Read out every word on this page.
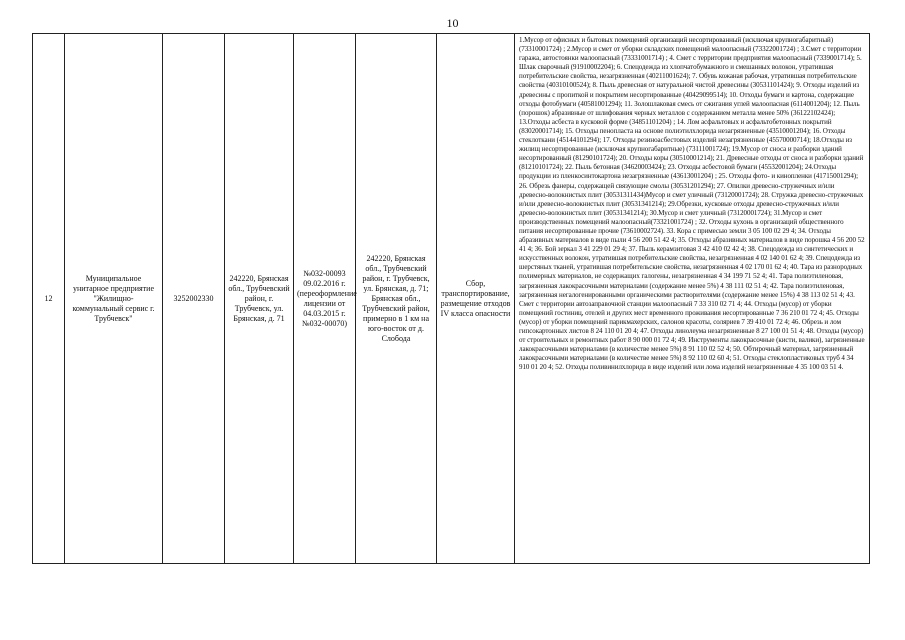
10
12	Муниципальное унитарное предприятие "Жилищно-коммунальный сервис г. Трубчевск"	3252002330	242220, Брянская обл., Трубчевский район, г. Трубчевск, ул. Брянская, д. 71	№032-00093 09.02.2016 г. (переоформление лицензии от 04.03.2015 г. №032-00070)	242220, Брянская обл., Трубчевский район, г. Трубчевск, ул. Брянская, д. 71; Брянская обл., Трубчевский район, примерно в 1 км на юго-восток от д. Слобода	Сбор, транспортирование, размещение отходов IV класса опасности	1.Мусор от офисных и бытовых помещений организаций несортированный (исключая крупногабаритный) (73310001724) ; 2.Мусор и смет от уборки складских помещений малоопасный (73322001724) ; 3.Смет с территории гаража, автостоянки малоопасный (73331001714) ; 4. Смет с территории предприятия малоопасный (7339001714); 5. Шлак сварочный (91910002204); 6. Спецодежда из хлопчатобумажного и смешанных волокон, утратившая потребительские свойства, незагрязненная (40211001624); 7. Обувь кожаная рабочая, утратившая потребительские свойства (40310100524); 8. Пыль древесная от натуральной чистой древесины (30531101424); 9. Отходы изделий из древесины с пропиткой и покрытием несортированные (40429099514); 10. Отходы бумаги и картона, содержащие отходы фотобумаги (40581001294); 11. Золошлаковая смесь от сжигания углей малоопасная (6114001204); 12. Пыль (порошок) абразивные от шлифования черных металлов с содержанием металла менее 50% (36122102424); 13.Отходы асбеста в кусковой форме (34851101204) ; 14. Лом асфальтовых и асфальтобетонных покрытий (83020001714); 15. Отходы пенопласта на основе полиэтилхлорида незагрязненные (43510001204); 16. Отходы стеклоткани (45144101294); 17. Отходы резиноасбестовых изделий незагрязненные (45570000714); 18.Отходы из жилищ несортированные (исключая крупногабаритные) (73111001724); 19.Мусор от сноса и разборки зданий несортированный (81290101724); 20. Отходы коры (30510001214); 21. Древесные отходы от сноса и разборки зданий (81210101724); 22. Пыль бетонная (34620003424); 23. Отходы асбестовой бумаги (45532001204); 24.Отходы продукции из пленкосинтокартона незагрязненные (43613001204) ; 25. Отходы фото- и кинопленки (41715001294); 26. Обрезь фанеры, содержащей связующие смолы (30531201294); 27. Опилки древесно-стружечных и/или древесно-волокнистых плит (30531311434)Мусор и смет уличный (73120001724); 28. Стружка древесно-стружечных и/или древесно-волокнистых плит (30531341214); 29.Обрезки, кусковые отходы древесно-стружечных и/или древесно-волокнистых плит (30531341214); 30.Мусор и смет уличный (73120001724); 31.Мусор и смет производственных помещений малоопасный(73321001724) ; 32. Отходы кухонь в организаций общественного питания несортированные прочие (73610002724). 33. Кора с примесью земли 3 05 100 02 29 4; 34. Отходы абразивных материалов в виде пыли 4 56 200 51 42 4; 35. Отходы абразивных материалов в виде порошка 4 56 200 52 41 4; 36. Бой зеркал 3 41 229 01 29 4; 37. Пыль керамзитовая 3 42 410 02 42 4; 38. Спецодежда из синтетических и искусственных волокон, утратившая потребительские свойства, незагрязненная 4 02 140 01 62 4; 39. Спецодежда из шерстяных тканей, утратившая потребительские свойства, незагрязненная 4 02 170 01 62 4; 40. Тара из разнородных полимерных материалов, не содержащих галогены, незагрязненная 4 34 199 71 52 4; 41. Тара полиэтиленовая, загрязненная лакокрасочными материалами (содержание менее 5%) 4 38 111 02 51 4; 42. Тара полиэтиленовая, загрязненная негалогенированными органическими растворителями (содержание менее 15%) 4 38 113 02 51 4; 43. Смет с территории автозаправочной станции малоопасный 7 33 310 02 71 4; 44. Отходы (мусор) от уборки помещений гостиниц, отелей и других мест временного проживания несортированные 7 36 210 01 72 4; 45. Отходы (мусор) от уборки помещений парикмахерских, салонов красоты, соляриев 7 39 410 01 72 4; 46. Обрезь и лом гипсокартонных листов 8 24 110 01 20 4; 47. Отходы линолеума незагрязненные 8 27 100 01 51 4; 48. Отходы (мусор) от строительных и ремонтных работ 8 90 000 01 72 4; 49. Инструменты лакокрасочные (кисти, валики), загрязненные лакокрасочными материалами (в количестве менее 5%) 8 91 110 02 52 4; 50. Обтирочный материал, загрязненный лакокрасочными материалами (в количестве менее 5%) 8 92 110 02 60 4; 51. Отходы стеклопластиковых труб 4 34 910 01 20 4; 52. Отходы поливинилхлорида в виде изделий или лома изделий незагрязненные 4 35 100 03 51 4.
